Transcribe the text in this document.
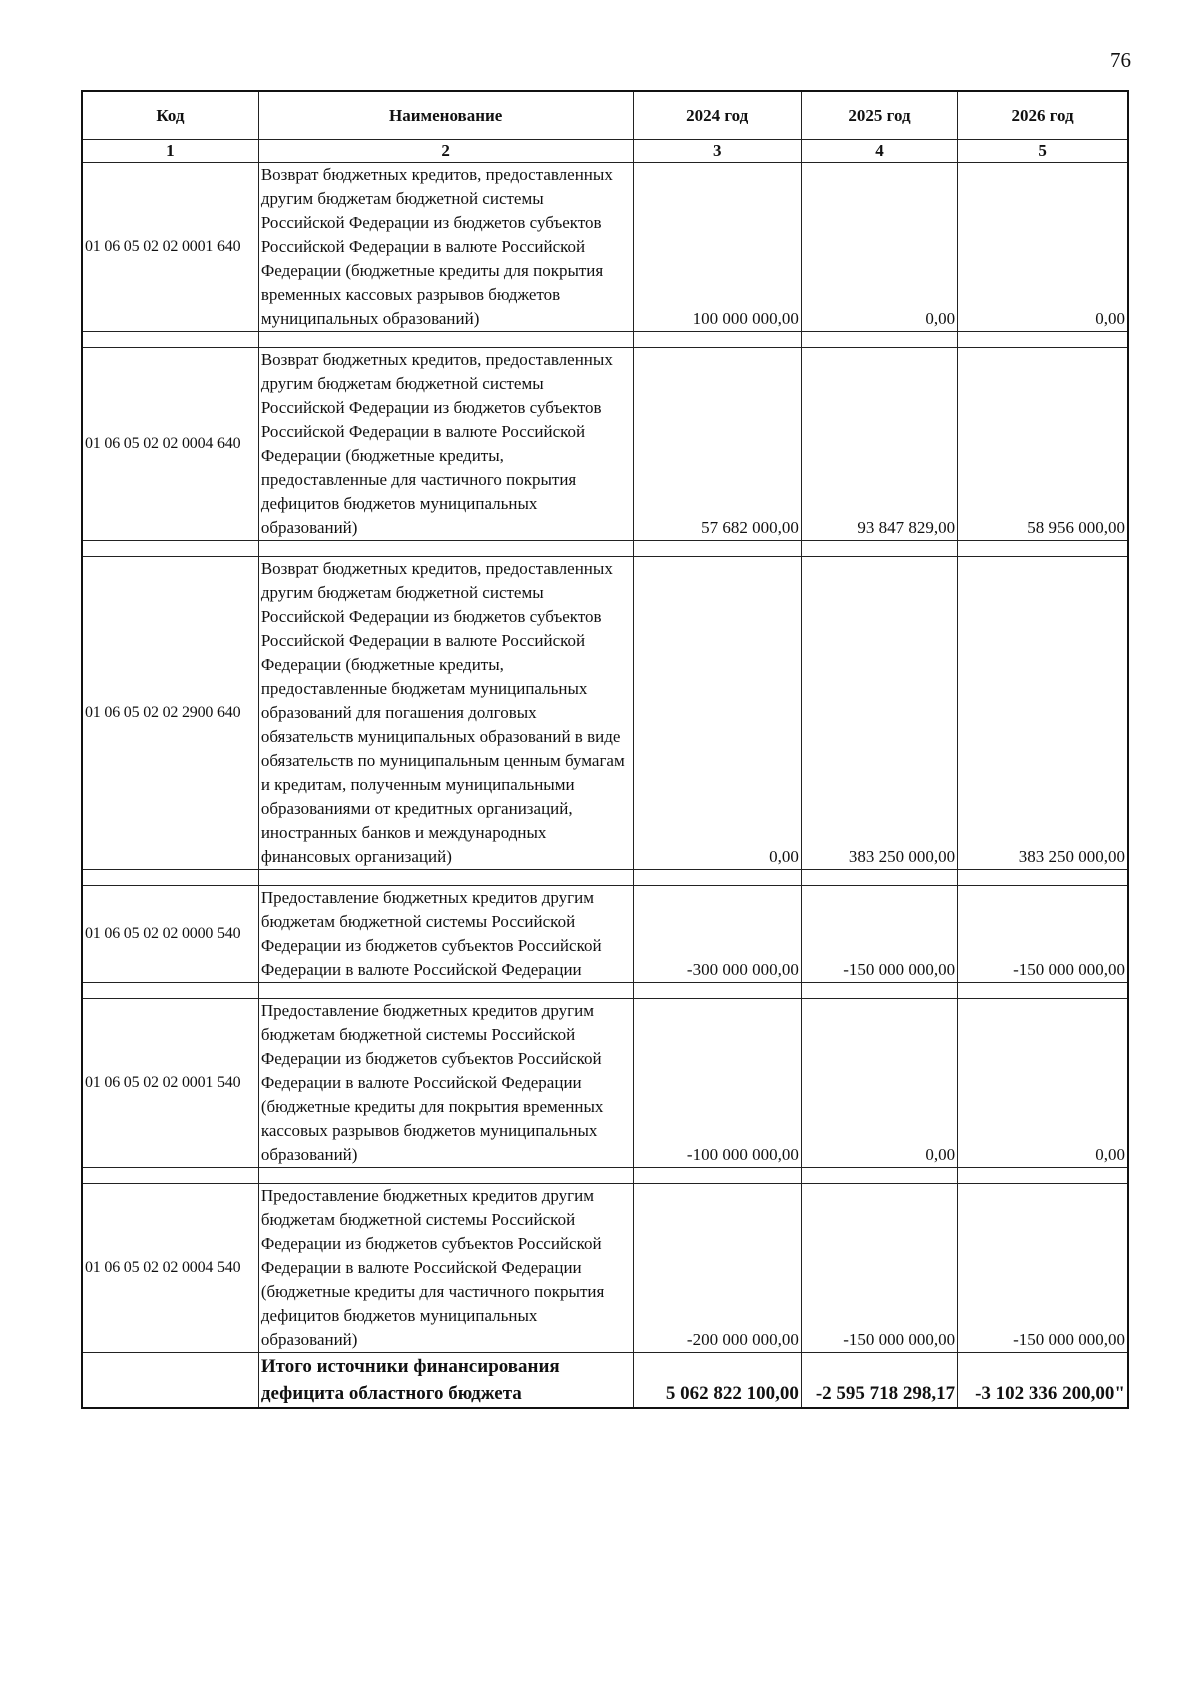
76
Код	Наименование	2024 год	2025 год	2026 год
1	2	3	4	5
01 06 05 02 02 0001 640	Возврат бюджетных кредитов, предоставленных другим бюджетам бюджетной системы Российской Федерации из бюджетов субъектов Российской Федерации в валюте Российской Федерации (бюджетные кредиты для покрытия временных кассовых разрывов бюджетов муниципальных образований)	100 000 000,00	0,00	0,00

01 06 05 02 02 0004 640	Возврат бюджетных кредитов, предоставленных другим бюджетам бюджетной системы Российской Федерации из бюджетов субъектов Российской Федерации в валюте Российской Федерации (бюджетные кредиты, предоставленные для частичного покрытия дефицитов бюджетов муниципальных образований)	57 682 000,00	93 847 829,00	58 956 000,00

01 06 05 02 02 2900 640	Возврат бюджетных кредитов, предоставленных другим бюджетам бюджетной системы Российской Федерации из бюджетов субъектов Российской Федерации в валюте Российской Федерации (бюджетные кредиты, предоставленные бюджетам муниципальных образований для погашения долговых обязательств муниципальных образований в виде обязательств по муниципальным ценным бумагам и кредитам, полученным муниципальными образованиями от кредитных организаций, иностранных банков и международных финансовых организаций)	0,00	383 250 000,00	383 250 000,00

01 06 05 02 02 0000 540	Предоставление бюджетных кредитов другим бюджетам бюджетной системы Российской Федерации из бюджетов субъектов Российской Федерации в валюте Российской Федерации	-300 000 000,00	-150 000 000,00	-150 000 000,00

01 06 05 02 02 0001 540	Предоставление бюджетных кредитов другим бюджетам бюджетной системы Российской Федерации из бюджетов субъектов Российской Федерации в валюте Российской Федерации (бюджетные кредиты для покрытия временных кассовых разрывов бюджетов муниципальных образований)	-100 000 000,00	0,00	0,00

01 06 05 02 02 0004 540	Предоставление бюджетных кредитов другим бюджетам бюджетной системы Российской Федерации из бюджетов субъектов Российской Федерации в валюте Российской Федерации (бюджетные кредиты для частичного покрытия дефицитов бюджетов муниципальных образований)	-200 000 000,00	-150 000 000,00	-150 000 000,00
	Итого источники финансирования дефицита областного бюджета	5 062 822 100,00	-2 595 718 298,17	-3 102 336 200,00"
